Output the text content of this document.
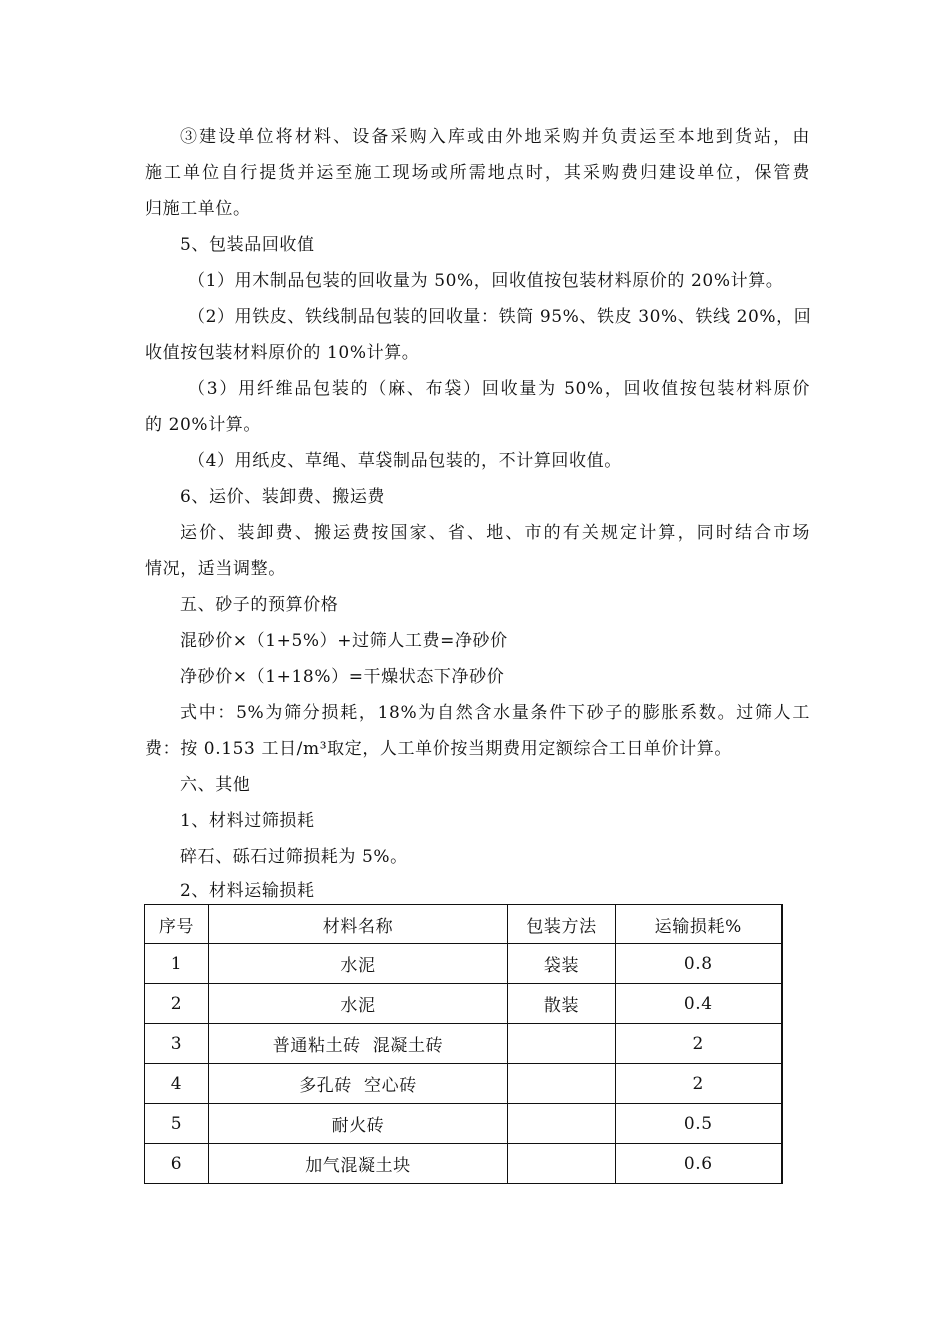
③建设单位将材料、设备采购入库或由外地采购并负责运至本地到货站，由
施工单位自行提货并运至施工现场或所需地点时，其采购费归建设单位，保管费
归施工单位。
5、包装品回收值
（1）用木制品包装的回收量为 50%，回收值按包装材料原价的 20%计算。
（2）用铁皮、铁线制品包装的回收量：铁筒 95%、铁皮 30%、铁线 20%，回
收值按包装材料原价的 10%计算。
（3）用纤维品包装的（麻、布袋）回收量为 50%，回收值按包装材料原价
的 20%计算。
（4）用纸皮、草绳、草袋制品包装的，不计算回收值。
6、运价、装卸费、搬运费
运价、装卸费、搬运费按国家、省、地、市的有关规定计算，同时结合市场
情况，适当调整。
五、砂子的预算价格
混砂价×（1+5%）+过筛人工费=净砂价
净砂价×（1+18%）=干燥状态下净砂价
式中：5%为筛分损耗，18%为自然含水量条件下砂子的膨胀系数。过筛人工
费：按 0.153 工日/m³取定，人工单价按当期费用定额综合工日单价计算。
六、其他
1、材料过筛损耗
碎石、砾石过筛损耗为 5%。
2、材料运输损耗
序号	材料名称	包装方法	运输损耗%
1	水泥	袋装	0.8
2	水泥	散装	0.4
3	普通粘土砖  混凝土砖		2
4	多孔砖  空心砖		2
5	耐火砖		0.5
6	加气混凝土块		0.6
